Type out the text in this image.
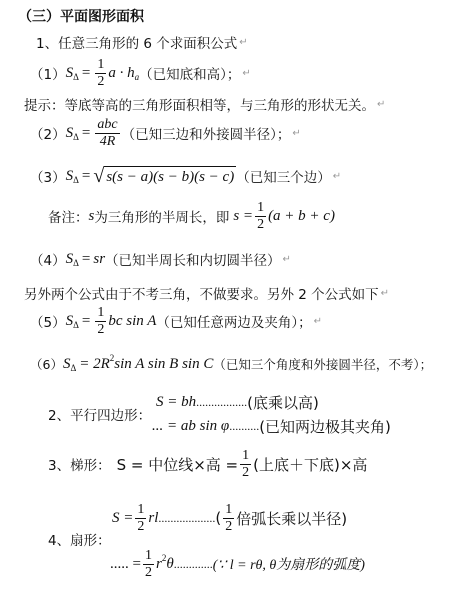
（三）平面图形面积
1、任意三角形的 6 个求面积公式 ↵
（1） S $\Delta = \frac{1}{2}$ a · h a （已知底和高）； ↵
提示：等底等高的三角形面积相等，与三角形的形状无关。 ↵
（2） S $\Delta = \frac{\text{abc}}{4R}$ （已知三边和外接圆半径）； ↵
（3） S Δ = √ s(s − a)(s − b)(s − c) （已知三个边） ↵
备注： s 为三角形的半周长，即 $s = \frac{1}{2} (a + b + c)$
（4） S Δ = sr （已知半周长和内切圆半径） ↵
另外两个公式由于不考三角，不做要求。另外 2 个公式如下 ↵
（5） S $\Delta = \frac{1}{2}$ bc sin A （已知任意两边及夹角）； ↵
（6） S Δ = 2R 2 sin A sin B sin C （已知三个角度和外接圆半径，不考）；
2、平行四边形：
S = bh ................. (底乘以高)
... = ab sin φ .......... (已知两边极其夹角)
3、梯形： S = 中位线×高 = $\frac{1}{2}$ (上底＋下底)×高
4、扇形：
$S = \frac{1}{2}$ rl ................... ( $\frac{1}{2}$ 倍弧长乘以半径)
..... = $\frac{1}{2}$ r 2 θ ............. (∵ l = rθ, θ为扇形的弧度)
